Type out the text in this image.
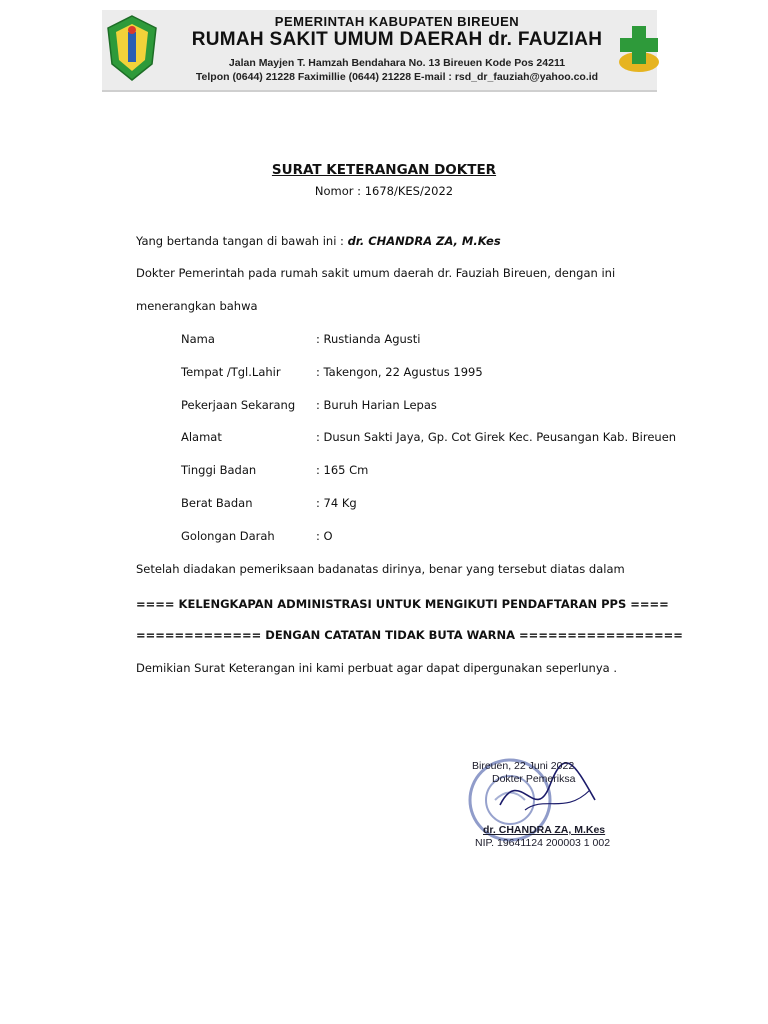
PEMERINTAH KABUPATEN BIREUEN
RUMAH SAKIT UMUM DAERAH dr. FAUZIAH
Jalan Mayjen T. Hamzah Bendahara No. 13 Bireuen Kode Pos 24211
Telpon (0644) 21228 Faximillie (0644) 21228 E-mail : rsd_dr_fauziah@yahoo.co.id
SURAT KETERANGAN DOKTER
Nomor : 1678/KES/2022
Yang bertanda tangan di bawah ini : dr. CHANDRA ZA, M.Kes
Dokter Pemerintah pada rumah sakit umum daerah dr. Fauziah Bireuen, dengan ini
menerangkan bahwa
Nama	: Rusti̇anda Agusti̇
Tempat /Tgl.Lahir	: Takengon, 22 Agustus 1995
Pekerjaan Sekarang : Buruh Harian Lepas
Alamat	: Dusun Sakti̇ Jaya, Gp. Cot Girek Kec. Peusangan Kab. Bireuen
Tinggi Badan	: 165 Cm
Berat Badan	: 74 Kg
Golongan Darah	: O
Setelah diadakan pemeriksaan badanatas dirinya, benar yang tersebut diatas dalam
==== KELENGKAPAN ADMINISTRASI UNTUK MENGIKUTI PENDAFTARAN PPS ====
============= DENGAN CATATAN TIDAK BUTA WARNA =================
Demikian Surat Keterangan ini kami perbuat agar dapat dipergunakan seperlunya .
Bireuen, 22 Juni 2022
Dokter Pemeriksa
dr. CHANDRA ZA, M.Kes
NIP. 19641124 200003 1 002
